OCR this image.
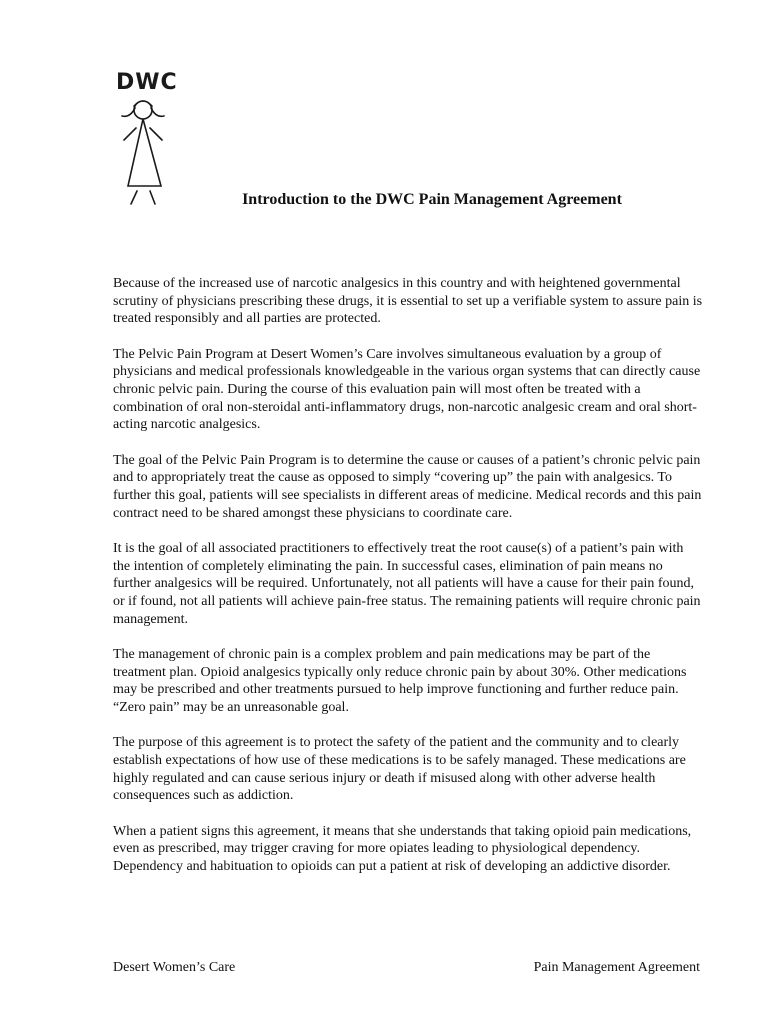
DWC
Introduction to the DWC Pain Management Agreement

Because of the increased use of narcotic analgesics in this country and with heightened governmental scrutiny of physicians prescribing these drugs, it is essential to set up a verifiable system to assure pain is treated responsibly and all parties are protected.

The Pelvic Pain Program at Desert Women’s Care involves simultaneous evaluation by a group of physicians and medical professionals knowledgeable in the various organ systems that can directly cause chronic pelvic pain. During the course of this evaluation pain will most often be treated with a combination of oral non-steroidal anti-inflammatory drugs, non-narcotic analgesic cream and oral short-acting narcotic analgesics.

The goal of the Pelvic Pain Program is to determine the cause or causes of a patient’s chronic pelvic pain and to appropriately treat the cause as opposed to simply “covering up” the pain with analgesics. To further this goal, patients will see specialists in different areas of medicine. Medical records and this pain contract need to be shared amongst these physicians to coordinate care.

It is the goal of all associated practitioners to effectively treat the root cause(s) of a patient’s pain with the intention of completely eliminating the pain. In successful cases, elimination of pain means no further analgesics will be required. Unfortunately, not all patients will have a cause for their pain found, or if found, not all patients will achieve pain-free status. The remaining patients will require chronic pain management.

The management of chronic pain is a complex problem and pain medications may be part of the treatment plan. Opioid analgesics typically only reduce chronic pain by about 30%. Other medications may be prescribed and other treatments pursued to help improve functioning and further reduce pain. “Zero pain” may be an unreasonable goal.

The purpose of this agreement is to protect the safety of the patient and the community and to clearly establish expectations of how use of these medications is to be safely managed. These medications are highly regulated and can cause serious injury or death if misused along with other adverse health consequences such as addiction.

When a patient signs this agreement, it means that she understands that taking opioid pain medications, even as prescribed, may trigger craving for more opiates leading to physiological dependency. Dependency and habituation to opioids can put a patient at risk of developing an addictive disorder.

Desert Women’s Care	Pain Management Agreement
